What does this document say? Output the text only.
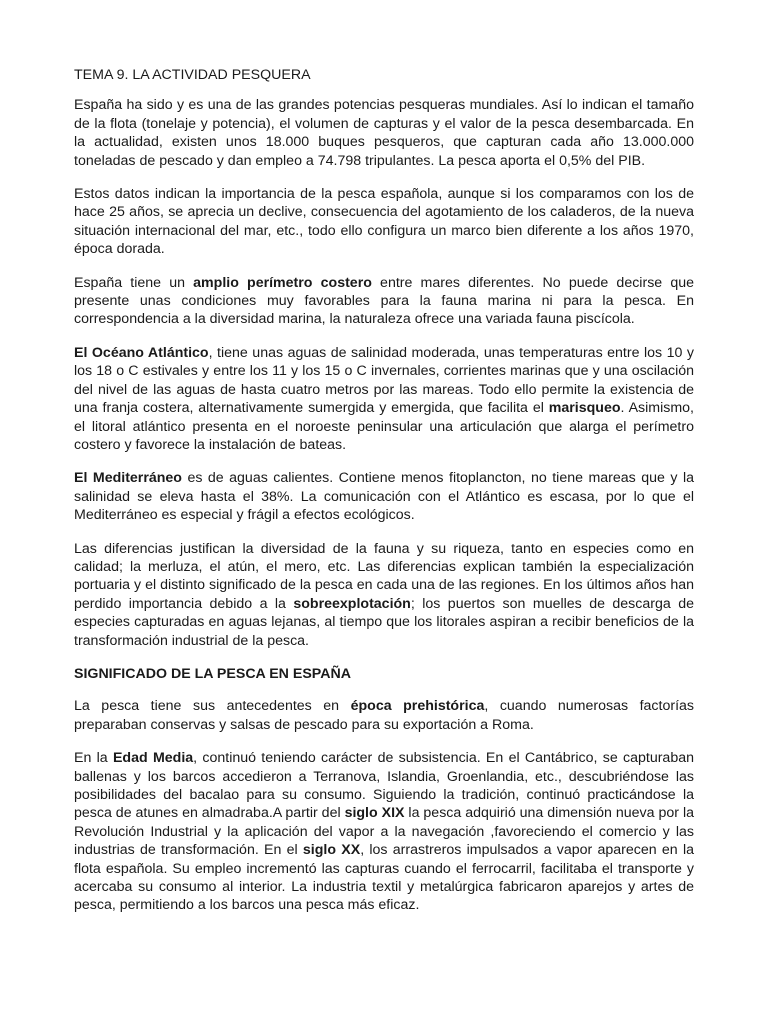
TEMA 9. LA ACTIVIDAD PESQUERA

España ha sido y es una de las grandes potencias pesqueras mundiales. Así lo indican el tamaño de la flota (tonelaje y potencia), el volumen de capturas y el valor de la pesca desembarcada. En la actualidad, existen unos 18.000 buques pesqueros, que capturan cada año 13.000.000 toneladas de pescado y dan empleo a 74.798 tripulantes. La pesca aporta el 0,5% del PIB.

Estos datos indican la importancia de la pesca española, aunque si los comparamos con los de hace 25 años, se aprecia un declive, consecuencia del agotamiento de los caladeros, de la nueva situación internacional del mar, etc., todo ello configura un marco bien diferente a los años 1970, época dorada.

España tiene un amplio perímetro costero entre mares diferentes. No puede decirse que presente unas condiciones muy favorables para la fauna marina ni para la pesca. En correspondencia a la diversidad marina, la naturaleza ofrece una variada fauna piscícola.

El Océano Atlántico, tiene unas aguas de salinidad moderada, unas temperaturas entre los 10 y los 18 o C estivales y entre los 11 y los 15 o C invernales, corrientes marinas que y una oscilación del nivel de las aguas de hasta cuatro metros por las mareas. Todo ello permite la existencia de una franja costera, alternativamente sumergida y emergida, que facilita el marisqueo. Asimismo, el litoral atlántico presenta en el noroeste peninsular una articulación que alarga el perímetro costero y favorece la instalación de bateas.

El Mediterráneo es de aguas calientes. Contiene menos fitoplancton, no tiene mareas que y la salinidad se eleva hasta el 38%. La comunicación con el Atlántico es escasa, por lo que el Mediterráneo es especial y frágil a efectos ecológicos.

Las diferencias justifican la diversidad de la fauna y su riqueza, tanto en especies como en calidad; la merluza, el atún, el mero, etc. Las diferencias explican también la especialización portuaria y el distinto significado de la pesca en cada una de las regiones. En los últimos años han perdido importancia debido a la sobreexplotación; los puertos son muelles de descarga de especies capturadas en aguas lejanas, al tiempo que los litorales aspiran a recibir beneficios de la transformación industrial de la pesca.

SIGNIFICADO DE LA PESCA EN ESPAÑA

La pesca tiene sus antecedentes en época prehistórica, cuando numerosas factorías preparaban conservas y salsas de pescado para su exportación a Roma.

En la Edad Media, continuó teniendo carácter de subsistencia. En el Cantábrico, se capturaban ballenas y los barcos accedieron a Terranova, Islandia, Groenlandia, etc., descubriéndose las posibilidades del bacalao para su consumo. Siguiendo la tradición, continuó practicándose la pesca de atunes en almadraba.A partir del siglo XIX la pesca adquirió una dimensión nueva por la Revolución Industrial y la aplicación del vapor a la navegación ,favoreciendo el comercio y las industrias de transformación. En el siglo XX, los arrastreros impulsados a vapor aparecen en la flota española. Su empleo incrementó las capturas cuando el ferrocarril, facilitaba el transporte y acercaba su consumo al interior. La industria textil y metalúrgica fabricaron aparejos y artes de pesca, permitiendo a los barcos una pesca más eficaz.
